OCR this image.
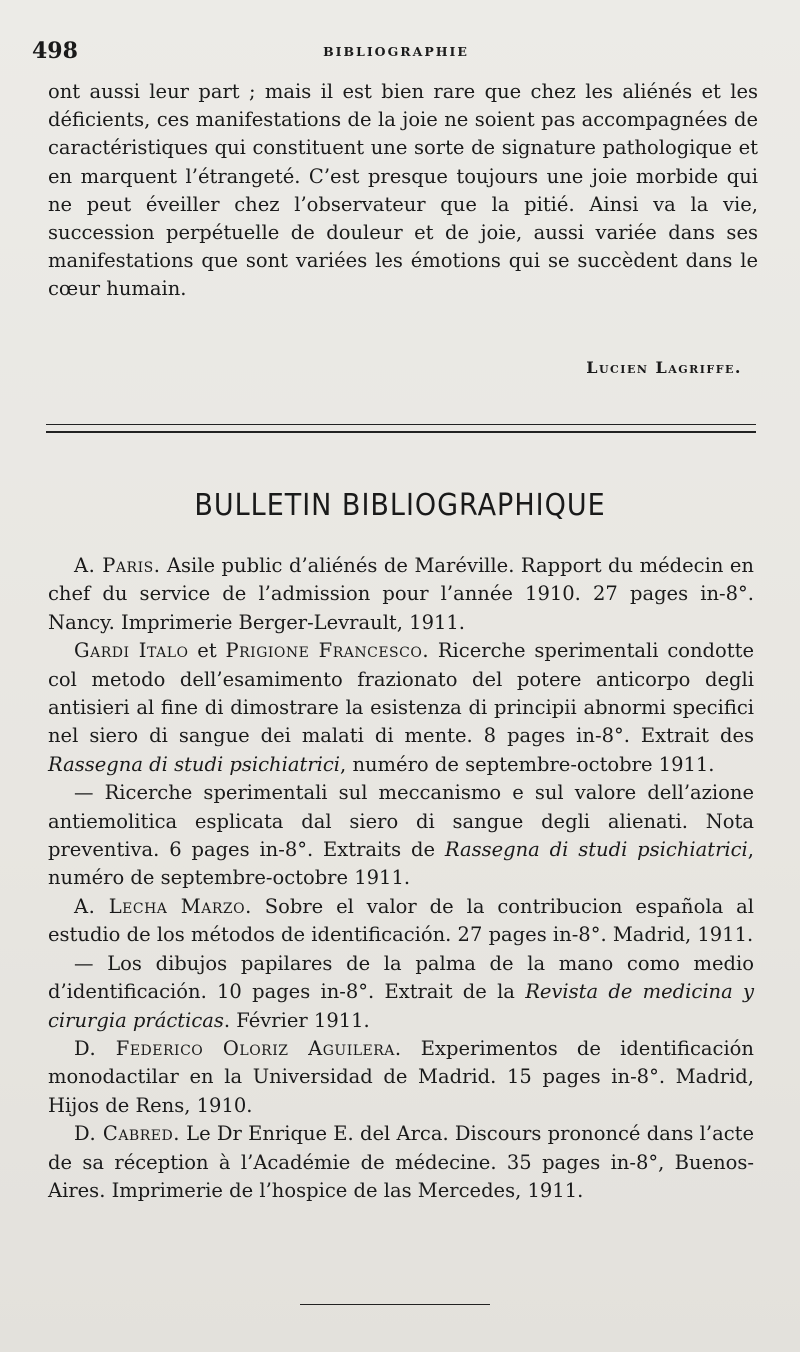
498	BIBLIOGRAPHIE

ont aussi leur part ; mais il est bien rare que chez les aliénés et les déficients, ces manifestations de la joie ne soient pas accompagnées de caractéristiques qui constituent une sorte de signature pathologique et en marquent l’étrangeté. C’est presque toujours une joie morbide qui ne peut éveiller chez l’observateur que la pitié. Ainsi va la vie, succession perpétuelle de douleur et de joie, aussi variée dans ses manifestations que sont variées les émotions qui se succèdent dans le cœur humain.

Lucien Lagriffe.
BULLETIN BIBLIOGRAPHIQUE

A. Paris. Asile public d’aliénés de Maréville. Rapport du médecin en chef du service de l’admission pour l’année 1910. 27 pages in-8°. Nancy. Imprimerie Berger-Levrault, 1911.

Gardi Italo et Prigione Francesco. Ricerche sperimentali condotte col metodo dell’esamimento frazionato del potere anticorpo degli antisieri al fine di dimostrare la esistenza di principii abnormi specifici nel siero di sangue dei malati di mente. 8 pages in-8°. Extrait des Rassegna di studi psichiatrici, numéro de septembre-octobre 1911.

— Ricerche sperimentali sul meccanismo e sul valore dell’azione antiemolitica esplicata dal siero di sangue degli alienati. Nota preventiva. 6 pages in-8°. Extraits de Rassegna di studi psichiatrici, numéro de septembre-octobre 1911.

A. Lecha Marzo. Sobre el valor de la contribucion española al estudio de los métodos de identificación. 27 pages in-8°. Madrid, 1911.

— Los dibujos papilares de la palma de la mano como medio d’identificación. 10 pages in-8°. Extrait de la Revista de medicina y cirurgia prácticas. Février 1911.

D. Federico Oloriz Aguilera. Experimentos de identificación monodactilar en la Universidad de Madrid. 15 pages in-8°. Madrid, Hijos de Rens, 1910.

D. Cabred. Le Dr Enrique E. del Arca. Discours prononcé dans l’acte de sa réception à l’Académie de médecine. 35 pages in-8°, Buenos-Aires. Imprimerie de l’hospice de las Mercedes, 1911.
